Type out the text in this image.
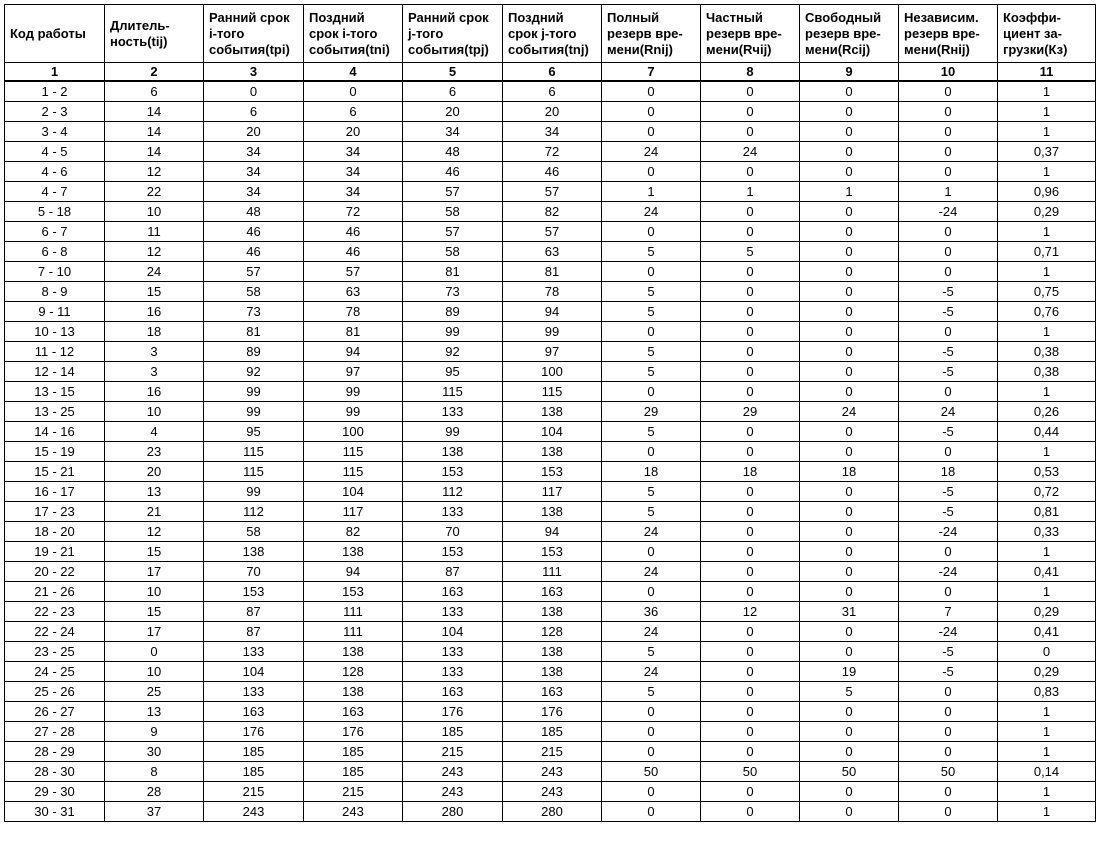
Код работы	Длитель-ность(tij)	Ранний срок i-того события(tpi)	Поздний срок i-того события(tni)	Ранний срок j-того события(tpj)	Поздний срок j-того события(tnj)	Полный резерв вре-мени(Rnij)	Частный резерв вре-мени(Rчij)	Свободный резерв вре-мени(Rcij)	Независим. резерв вре-мени(Rнij)	Коэффи-циент за-грузки(Кз)
1	2	3	4	5	6	7	8	9	10	11
1 - 2	6	0	0	6	6	0	0	0	0	1
2 - 3	14	6	6	20	20	0	0	0	0	1
3 - 4	14	20	20	34	34	0	0	0	0	1
4 - 5	14	34	34	48	72	24	24	0	0	0,37
4 - 6	12	34	34	46	46	0	0	0	0	1
4 - 7	22	34	34	57	57	1	1	1	1	0,96
5 - 18	10	48	72	58	82	24	0	0	-24	0,29
6 - 7	11	46	46	57	57	0	0	0	0	1
6 - 8	12	46	46	58	63	5	5	0	0	0,71
7 - 10	24	57	57	81	81	0	0	0	0	1
8 - 9	15	58	63	73	78	5	0	0	-5	0,75
9 - 11	16	73	78	89	94	5	0	0	-5	0,76
10 - 13	18	81	81	99	99	0	0	0	0	1
11 - 12	3	89	94	92	97	5	0	0	-5	0,38
12 - 14	3	92	97	95	100	5	0	0	-5	0,38
13 - 15	16	99	99	115	115	0	0	0	0	1
13 - 25	10	99	99	133	138	29	29	24	24	0,26
14 - 16	4	95	100	99	104	5	0	0	-5	0,44
15 - 19	23	115	115	138	138	0	0	0	0	1
15 - 21	20	115	115	153	153	18	18	18	18	0,53
16 - 17	13	99	104	112	117	5	0	0	-5	0,72
17 - 23	21	112	117	133	138	5	0	0	-5	0,81
18 - 20	12	58	82	70	94	24	0	0	-24	0,33
19 - 21	15	138	138	153	153	0	0	0	0	1
20 - 22	17	70	94	87	111	24	0	0	-24	0,41
21 - 26	10	153	153	163	163	0	0	0	0	1
22 - 23	15	87	111	133	138	36	12	31	7	0,29
22 - 24	17	87	111	104	128	24	0	0	-24	0,41
23 - 25	0	133	138	133	138	5	0	0	-5	0
24 - 25	10	104	128	133	138	24	0	19	-5	0,29
25 - 26	25	133	138	163	163	5	0	5	0	0,83
26 - 27	13	163	163	176	176	0	0	0	0	1
27 - 28	9	176	176	185	185	0	0	0	0	1
28 - 29	30	185	185	215	215	0	0	0	0	1
28 - 30	8	185	185	243	243	50	50	50	50	0,14
29 - 30	28	215	215	243	243	0	0	0	0	1
30 - 31	37	243	243	280	280	0	0	0	0	1
